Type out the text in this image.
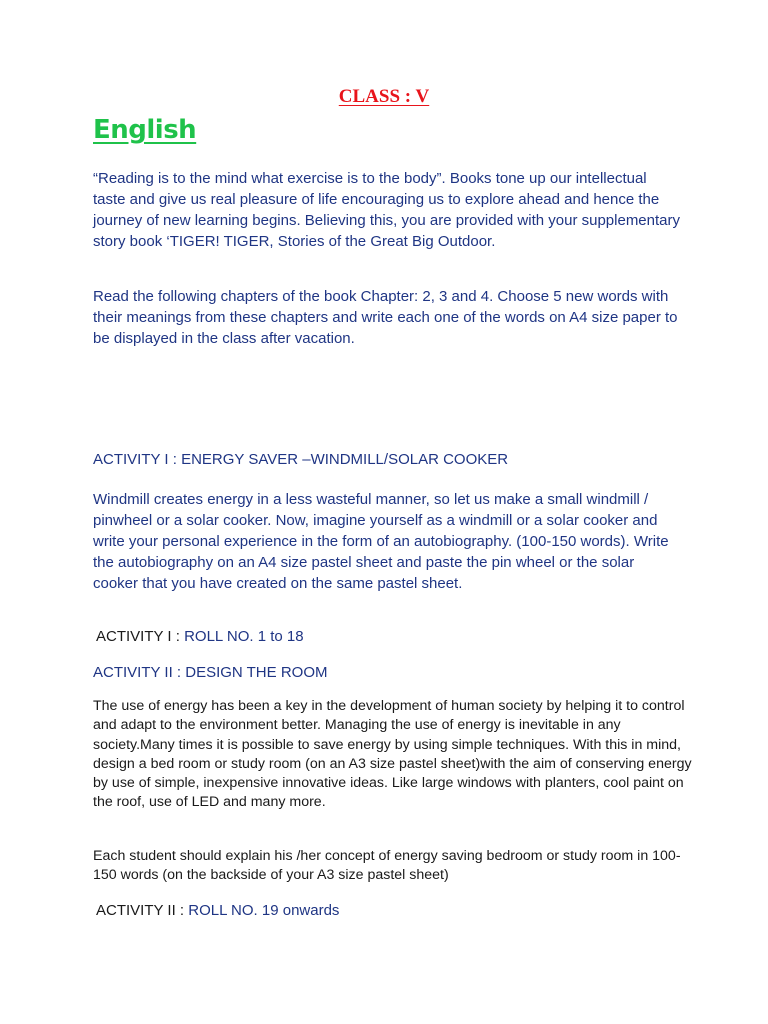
CLASS : V
English

“Reading is to the mind what exercise is to the body”. Books tone up our intellectual taste and give us real pleasure of life encouraging us to explore ahead and hence the journey of new learning begins. Believing this, you are provided with your supplementary story book ‘TIGER! TIGER, Stories of the Great Big Outdoor.

Read the following chapters of the book Chapter: 2, 3 and 4. Choose 5 new words with their meanings from these chapters and write each one of the words on A4 size paper to be displayed in the class after vacation.

ACTIVITY I : ENERGY SAVER –WINDMILL/SOLAR COOKER

Windmill creates energy in a less wasteful manner, so let us make a small windmill / pinwheel or a solar cooker. Now, imagine yourself as a windmill or a solar cooker and write your personal experience in the form of an autobiography. (100-150 words). Write the autobiography on an A4 size pastel sheet and paste the pin wheel or the solar cooker that you have created on the same pastel sheet.

ACTIVITY I : ROLL NO. 1 to 18
ACTIVITY II : DESIGN THE ROOM

The use of energy has been a key in the development of human society by helping it to control and adapt to the environment better. Managing the use of energy is inevitable in any society.Many times it is possible to save energy by using simple techniques. With this in mind, design a bed room or study room (on an A3 size pastel sheet)with the aim of conserving energy by use of simple, inexpensive innovative ideas. Like large windows with planters, cool paint on the roof, use of LED and many more.

Each student should explain his /her concept of energy saving bedroom or study room in 100-150 words (on the backside of your A3 size pastel sheet)

ACTIVITY II : ROLL NO. 19 onwards
